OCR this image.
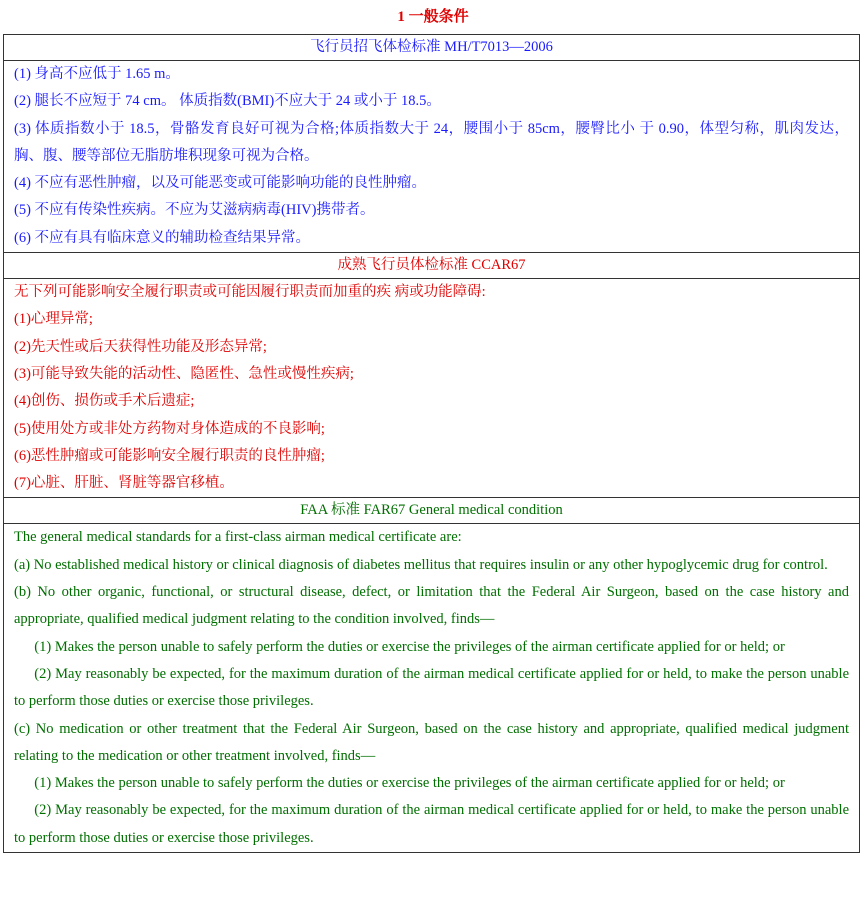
1 一般条件
飞行员招飞体检标准 MH/T7013—2006

(1) 身高不应低于 1.65 m。

(2) 腿长不应短于 74 cm。 体质指数(BMI)不应大于 24 或小于 18.5。

(3) 体质指数小于 18.5，骨骼发育良好可视为合格;体质指数大于 24，腰围小于 85cm，腰臀比小 于 0.90，体型匀称，肌肉发达，胸、腹、腰等部位无脂肪堆积现象可视为合格。

(4) 不应有恶性肿瘤，以及可能恶变或可能影响功能的良性肿瘤。

(5) 不应有传染性疾病。不应为艾滋病病毒(HIV)携带者。

(6) 不应有具有临床意义的辅助检查结果异常。

成熟飞行员体检标准 CCAR67

无下列可能影响安全履行职责或可能因履行职责而加重的疾 病或功能障碍:

(1)心理异常;

(2)先天性或后天获得性功能及形态异常;

(3)可能导致失能的活动性、隐匿性、急性或慢性疾病;

(4)创伤、损伤或手术后遗症;

(5)使用处方或非处方药物对身体造成的不良影响;

(6)恶性肿瘤或可能影响安全履行职责的良性肿瘤;

(7)心脏、肝脏、肾脏等器官移植。

FAA 标准 FAR67 General medical condition

The general medical standards for a first-class airman medical certificate are:

(a) No established medical history or clinical diagnosis of diabetes mellitus that requires insulin or any other hypoglycemic drug for control.

(b) No other organic, functional, or structural disease, defect, or limitation that the Federal Air Surgeon, based on the case history and appropriate, qualified medical judgment relating to the condition involved, finds—

(1) Makes the person unable to safely perform the duties or exercise the privileges of the airman certificate applied for or held; or

(2) May reasonably be expected, for the maximum duration of the airman medical certificate applied for or held, to make the person unable to perform those duties or exercise those privileges.

(c) No medication or other treatment that the Federal Air Surgeon, based on the case history and appropriate, qualified medical judgment relating to the medication or other treatment involved, finds—

(1) Makes the person unable to safely perform the duties or exercise the privileges of the airman certificate applied for or held; or

(2) May reasonably be expected, for the maximum duration of the airman medical certificate applied for or held, to make the person unable to perform those duties or exercise those privileges.
